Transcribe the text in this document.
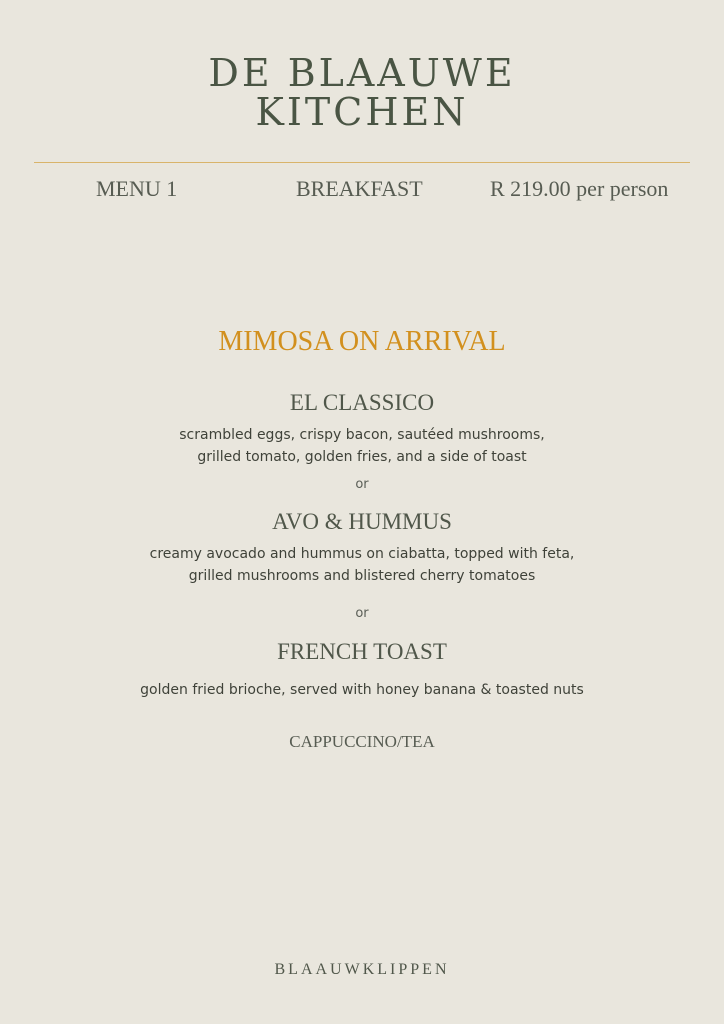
DE BLAAUWE
KITCHEN
MENU 1	BREAKFAST	R 219.00 per person
MIMOSA ON ARRIVAL
EL CLASSICO
scrambled eggs, crispy bacon, sautéed mushrooms,
grilled tomato, golden fries, and a side of toast
or
AVO & HUMMUS
creamy avocado and hummus on ciabatta, topped with feta,
grilled mushrooms and blistered cherry tomatoes
or
FRENCH TOAST
golden fried brioche, served with honey banana & toasted nuts
CAPPUCCINO/TEA
BLAAUWKLIPPEN
